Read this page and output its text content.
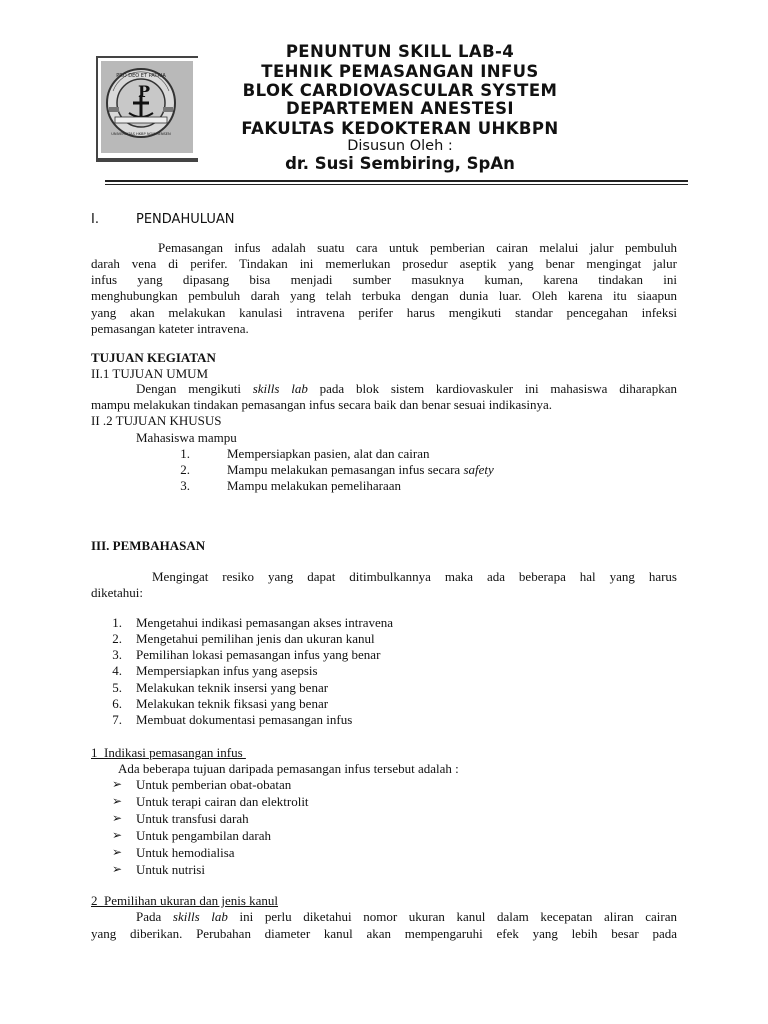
PRO DEO ET PATRIA
UNIVERSITAS HKBP NOMMENSEN
P
PENUNTUN SKILL LAB-4
TEHNIK PEMASANGAN INFUS
BLOK CARDIOVASCULAR SYSTEM
DEPARTEMEN ANESTESI
FAKULTAS KEDOKTERAN UHKBPN
Disusun Oleh :
dr. Susi Sembiring, SpAn
I.	PENDAHULUAN
Pemasangan infus adalah suatu cara untuk pemberian cairan melalui jalur pembuluh
darah vena di perifer. Tindakan ini memerlukan prosedur aseptik yang benar mengingat jalur
infus yang dipasang bisa menjadi sumber masuknya kuman, karena tindakan ini
menghubungkan pembuluh darah yang telah terbuka dengan dunia luar. Oleh karena itu siaapun
yang akan melakukan kanulasi intravena perifer harus mengikuti standar pencegahan infeksi
pemasangan kateter intravena.
TUJUAN KEGIATAN
II.1 TUJUAN UMUM
Dengan mengikuti skills lab pada blok sistem kardiovaskuler ini mahasiswa diharapkan
mampu melakukan tindakan pemasangan infus secara baik dan benar sesuai indikasinya.
II .2 TUJUAN KHUSUS
Mahasiswa mampu
1.	Mempersiapkan pasien, alat dan cairan
2.	Mampu melakukan pemasangan infus secara safety
3.	Mampu melakukan pemeliharaan
III. PEMBAHASAN
Mengingat resiko yang dapat ditimbulkannya maka ada beberapa hal yang harus
diketahui:
1. Mengetahui indikasi pemasangan akses intravena
2. Mengetahui pemilihan jenis dan ukuran kanul
3. Pemilihan lokasi pemasangan infus yang benar
4. Mempersiapkan infus yang asepsis
5. Melakukan teknik insersi yang benar
6. Melakukan teknik fiksasi yang benar
7. Membuat dokumentasi pemasangan infus
1  Indikasi pemasangan infus
Ada beberapa tujuan daripada pemasangan infus tersebut adalah :
➢ Untuk pemberian obat-obatan
➢ Untuk terapi cairan dan elektrolit
➢ Untuk transfusi darah
➢ Untuk pengambilan darah
➢ Untuk hemodialisa
➢ Untuk nutrisi
2  Pemilihan ukuran dan jenis kanul
Pada skills lab ini perlu diketahui nomor ukuran kanul dalam kecepatan aliran cairan
yang diberikan. Perubahan diameter kanul akan mempengaruhi efek yang lebih besar pada
